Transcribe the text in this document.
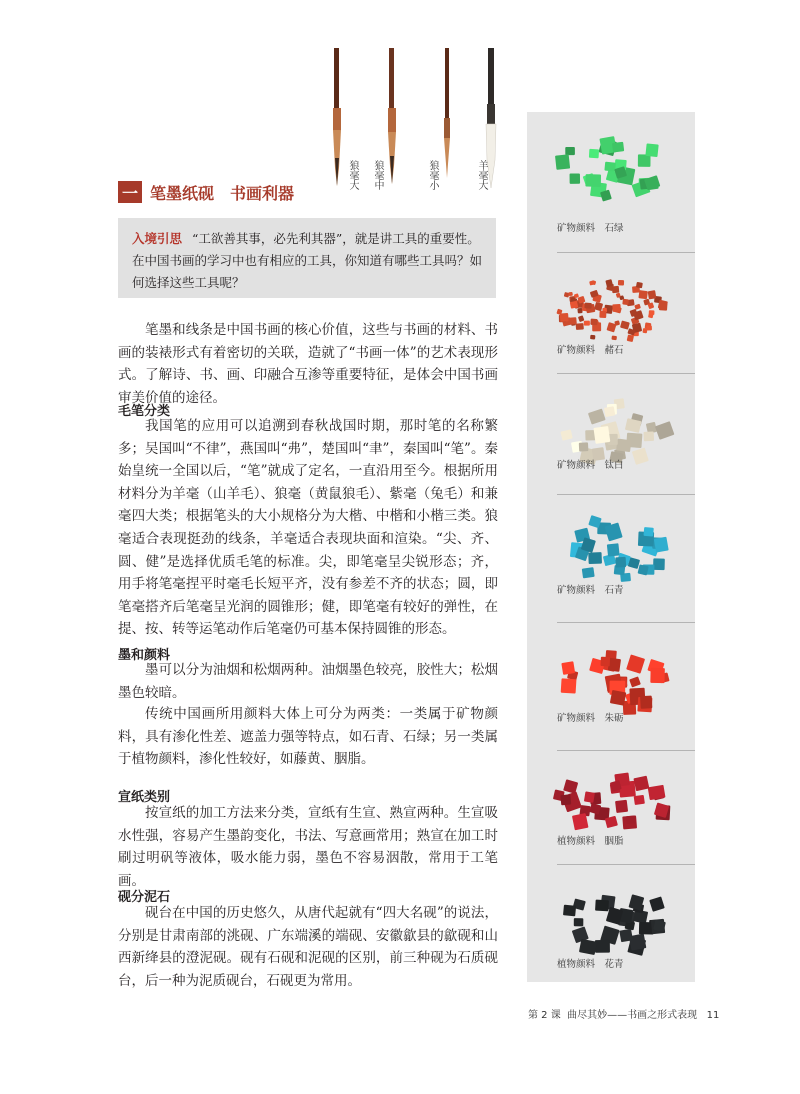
狼毫大 狼毫中	狼毫小	羊毫大
一 笔墨纸砚　书画利器
入境引思 “工欲善其事，必先利其器”，就是讲工具的重要性。在中国书画的学习中也有相应的工具，你知道有哪些工具吗？如何选择这些工具呢？

笔墨和线条是中国书画的核心价值，这些与书画的材料、书画的装裱形式有着密切的关联，造就了“书画一体”的艺术表现形式。了解诗、书、画、印融合互渗等重要特征，是体会中国书画审美价值的途径。

毛笔分类

我国笔的应用可以追溯到春秋战国时期，那时笔的名称繁多；吴国叫“不律”，燕国叫“弗”，楚国叫“聿”，秦国叫“笔”。秦始皇统一全国以后，“笔”就成了定名，一直沿用至今。根据所用材料分为羊毫（山羊毛）、狼毫（黄鼠狼毛）、紫毫（兔毛）和兼毫四大类；根据笔头的大小规格分为大楷、中楷和小楷三类。狼毫适合表现挺劲的线条，羊毫适合表现块面和渲染。“尖、齐、圆、健”是选择优质毛笔的标准。尖，即笔毫呈尖锐形态；齐，用手将笔毫捏平时毫毛长短平齐，没有参差不齐的状态；圆，即笔毫搭齐后笔毫呈光润的圆锥形；健，即笔毫有较好的弹性，在提、按、转等运笔动作后笔毫仍可基本保持圆锥的形态。

墨和颜料

墨可以分为油烟和松烟两种。油烟墨色较亮，胶性大；松烟墨色较暗。

传统中国画所用颜料大体上可分为两类：一类属于矿物颜料，具有渗化性差、遮盖力强等特点，如石青、石绿；另一类属于植物颜料，渗化性较好，如藤黄、胭脂。

宣纸类别

按宣纸的加工方法来分类，宣纸有生宣、熟宣两种。生宣吸水性强，容易产生墨韵变化，书法、写意画常用；熟宣在加工时刷过明矾等液体，吸水能力弱，墨色不容易洇散，常用于工笔画。

砚分泥石

砚台在中国的历史悠久，从唐代起就有“四大名砚”的说法，分别是甘肃南部的洮砚、广东端溪的端砚、安徽歙县的歙砚和山西新绛县的澄泥砚。砚有石砚和泥砚的区别，前三种砚为石质砚台，后一种为泥质砚台，石砚更为常用。

矿物颜料　石绿
矿物颜料　赭石
矿物颜料　钛白
矿物颜料　石青
矿物颜料　朱砺
植物颜料　胭脂
植物颜料　花青
第 2 课  曲尽其妙——书画之形式表现   11
